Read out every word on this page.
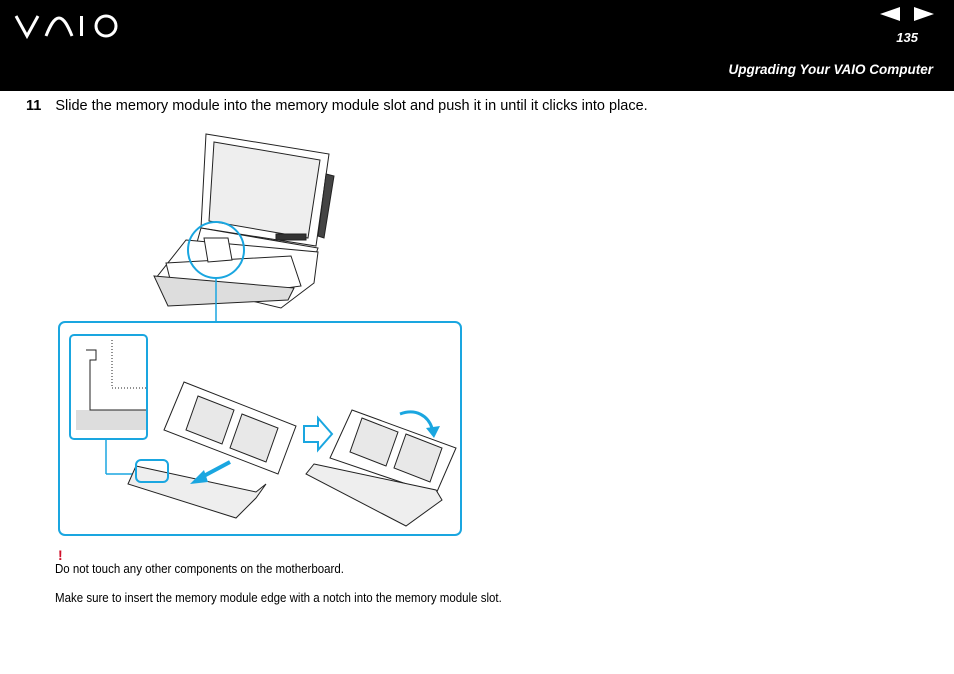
135
Upgrading Your VAIO Computer
11 Slide the memory module into the memory module slot and push it in until it clicks into place.
!
Do not touch any other components on the motherboard.
Make sure to insert the memory module edge with a notch into the memory module slot.
